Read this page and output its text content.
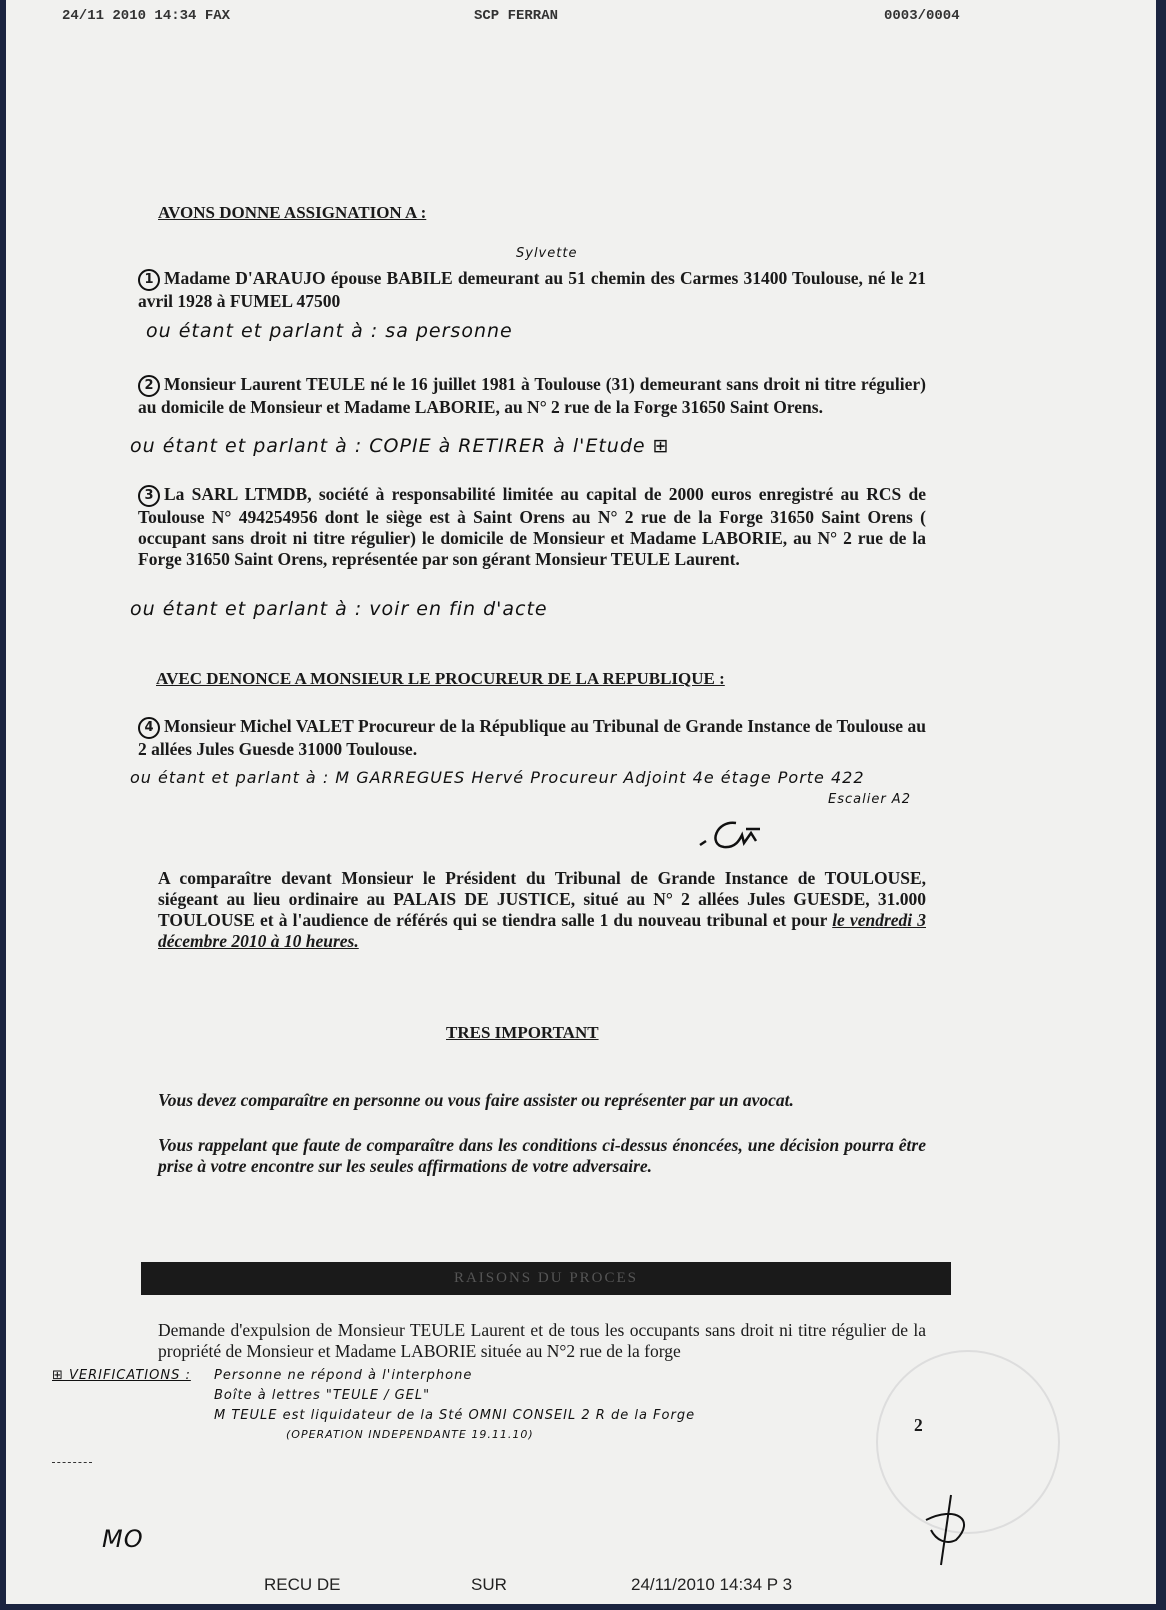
24/11 2010 14:34 FAX	SCP FERRAN	0003/0004
AVONS DONNE ASSIGNATION A :
Sylvette
1 Madame D'ARAUJO épouse BABILE demeurant au 51 chemin des Carmes 31400 Toulouse, né le 21 avril 1928 à FUMEL 47500
ou étant et parlant à : sa personne
2 Monsieur Laurent TEULE né le 16 juillet 1981 à Toulouse (31) demeurant sans droit ni titre régulier) au domicile de Monsieur et Madame LABORIE, au N° 2 rue de la Forge 31650 Saint Orens.
ou étant et parlant à : COPIE à RETIRER à l'Etude ⊞
3 La SARL LTMDB, société à responsabilité limitée au capital de 2000 euros enregistré au RCS de Toulouse N° 494254956 dont le siège est à Saint Orens au N° 2 rue de la Forge 31650 Saint Orens ( occupant sans droit ni titre régulier) le domicile de Monsieur et Madame LABORIE, au N° 2 rue de la Forge 31650 Saint Orens, représentée par son gérant Monsieur TEULE Laurent.
ou étant et parlant à : voir en fin d'acte
AVEC DENONCE A MONSIEUR LE PROCUREUR DE LA REPUBLIQUE :
4 Monsieur Michel VALET Procureur de la République au Tribunal de Grande Instance de Toulouse au 2 allées Jules Guesde 31000 Toulouse.
ou étant et parlant à : M GARREGUES Hervé Procureur Adjoint 4e étage Porte 422
Escalier A2
A comparaître devant Monsieur le Président du Tribunal de Grande Instance de TOULOUSE, siégeant au lieu ordinaire au PALAIS DE JUSTICE, situé au N° 2 allées Jules GUESDE, 31.000 TOULOUSE et à l'audience de référés qui se tiendra salle 1 du nouveau tribunal et pour le vendredi 3 décembre 2010 à 10 heures.
TRES IMPORTANT
Vous devez comparaître en personne ou vous faire assister ou représenter par un avocat.
Vous rappelant que faute de comparaître dans les conditions ci-dessus énoncées, une décision pourra être prise à votre encontre sur les seules affirmations de votre adversaire.
RAISONS DU PROCES
Demande d'expulsion de Monsieur TEULE Laurent et de tous les occupants sans droit ni titre régulier de la propriété de Monsieur et Madame LABORIE située au N°2 rue de la forge
⊞ VERIFICATIONS : Personne ne répond à l'interphone
Boîte à lettres "TEULE / GEL"
M TEULE est liquidateur de la Sté OMNI CONSEIL 2 R de la Forge
(OPERATION INDEPENDANTE 19.11.10)	2
MO
RECU DE	SUR	24/11/2010 14:34 P 3
